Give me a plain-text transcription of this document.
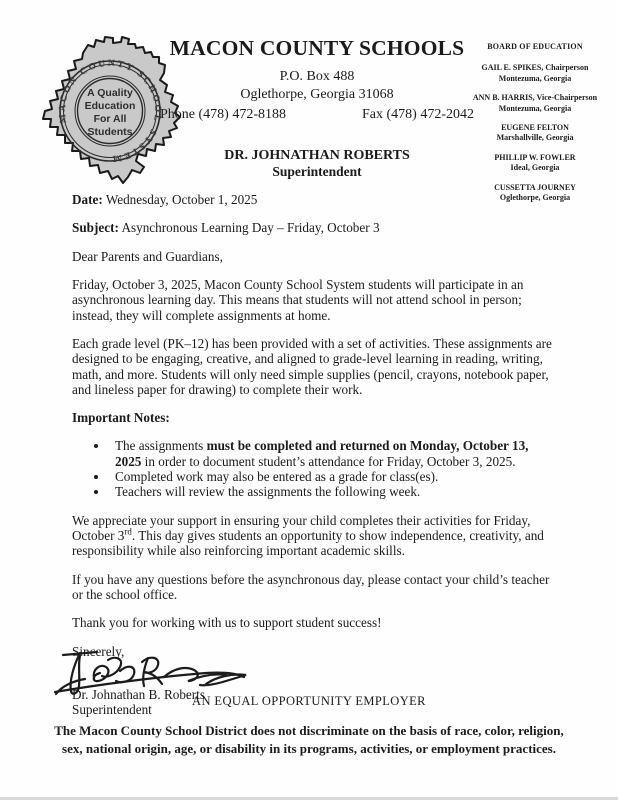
MACON COUNTY SCHOOL
SYSTEM
A Quality
Education
For All
Students
MACON COUNTY SCHOOLS
P.O. Box 488
Oglethorpe, Georgia 31068
Phone (478) 472-8188	Fax (478) 472-2042
DR. JOHNATHAN ROBERTS
Superintendent
BOARD OF EDUCATION
GAIL E. SPIKES, Chairperson
Montezuma, Georgia
ANN B. HARRIS, Vice-Chairperson
Montezuma, Georgia
EUGENE FELTON
Marshallville, Georgia
PHILLIP W. FOWLER
Ideal, Georgia
CUSSETTA JOURNEY
Oglethorpe, Georgia

Date: Wednesday, October 1, 2025

Subject: Asynchronous Learning Day – Friday, October 3

Dear Parents and Guardians,

Friday, October 3, 2025, Macon County School System students will participate in an asynchronous learning day. This means that students will not attend school in person; instead, they will complete assignments at home.

Each grade level (PK–12) has been provided with a set of activities. These assignments are designed to be engaging, creative, and aligned to grade-level learning in reading, writing, math, and more. Students will only need simple supplies (pencil, crayons, notebook paper, and lineless paper for drawing) to complete their work.

Important Notes:

• The assignments must be completed and returned on Monday, October 13, 2025 in order to document student’s attendance for Friday, October 3, 2025.
• Completed work may also be entered as a grade for class(es).
• Teachers will review the assignments the following week.

We appreciate your support in ensuring your child completes their activities for Friday, October 3rd. This day gives students an opportunity to show independence, creativity, and responsibility while also reinforcing important academic skills.

If you have any questions before the asynchronous day, please contact your child’s teacher or the school office.

Thank you for working with us to support student success!

Sincerely,

Dr. Johnathan B. Roberts
Superintendent

AN EQUAL OPPORTUNITY EMPLOYER

The Macon County School District does not discriminate on the basis of race, color, religion, sex, national origin, age, or disability in its programs, activities, or employment practices.
